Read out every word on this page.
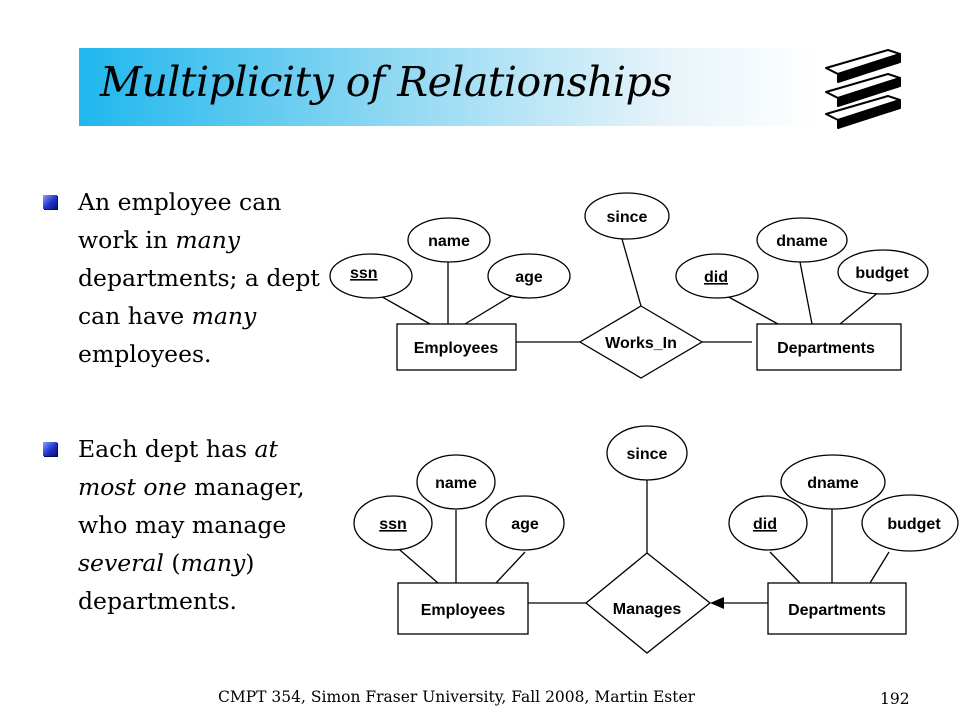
Multiplicity of Relationships
An employee can work in many departments; a dept can have many employees.
Each dept has at most one manager, who may manage several (many) departments.
Employees	Departments
Works_In
ssn
name
age
since
did
dname
budget
Employees	Departments
Manages
ssn
name
age
since
did
dname
budget
CMPT 354, Simon Fraser University, Fall 2008, Martin Ester	192
